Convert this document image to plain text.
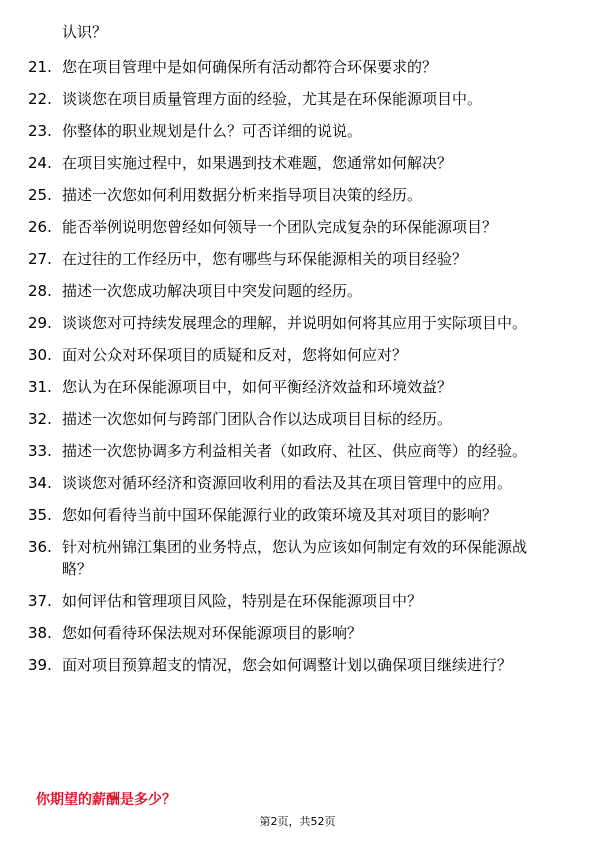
认识？

21. 您在项目管理中是如何确保所有活动都符合环保要求的？
22. 谈谈您在项目质量管理方面的经验，尤其是在环保能源项目中。
23. 你整体的职业规划是什么？可否详细的说说。
24. 在项目实施过程中，如果遇到技术难题，您通常如何解决？
25. 描述一次您如何利用数据分析来指导项目决策的经历。
26. 能否举例说明您曾经如何领导一个团队完成复杂的环保能源项目？
27. 在过往的工作经历中，您有哪些与环保能源相关的项目经验？
28. 描述一次您成功解决项目中突发问题的经历。
29. 谈谈您对可持续发展理念的理解，并说明如何将其应用于实际项目中。
30. 面对公众对环保项目的质疑和反对，您将如何应对？
31. 您认为在环保能源项目中，如何平衡经济效益和环境效益？
32. 描述一次您如何与跨部门团队合作以达成项目目标的经历。
33. 描述一次您协调多方利益相关者（如政府、社区、供应商等）的经验。
34. 谈谈您对循环经济和资源回收利用的看法及其在项目管理中的应用。
35. 您如何看待当前中国环保能源行业的政策环境及其对项目的影响？
36. 针对杭州锦江集团的业务特点，您认为应该如何制定有效的环保能源战略？
37. 如何评估和管理项目风险，特别是在环保能源项目中？
38. 您如何看待环保法规对环保能源项目的影响？
39. 面对项目预算超支的情况，您会如何调整计划以确保项目继续进行？

你期望的薪酬是多少？

第2页，共52页
